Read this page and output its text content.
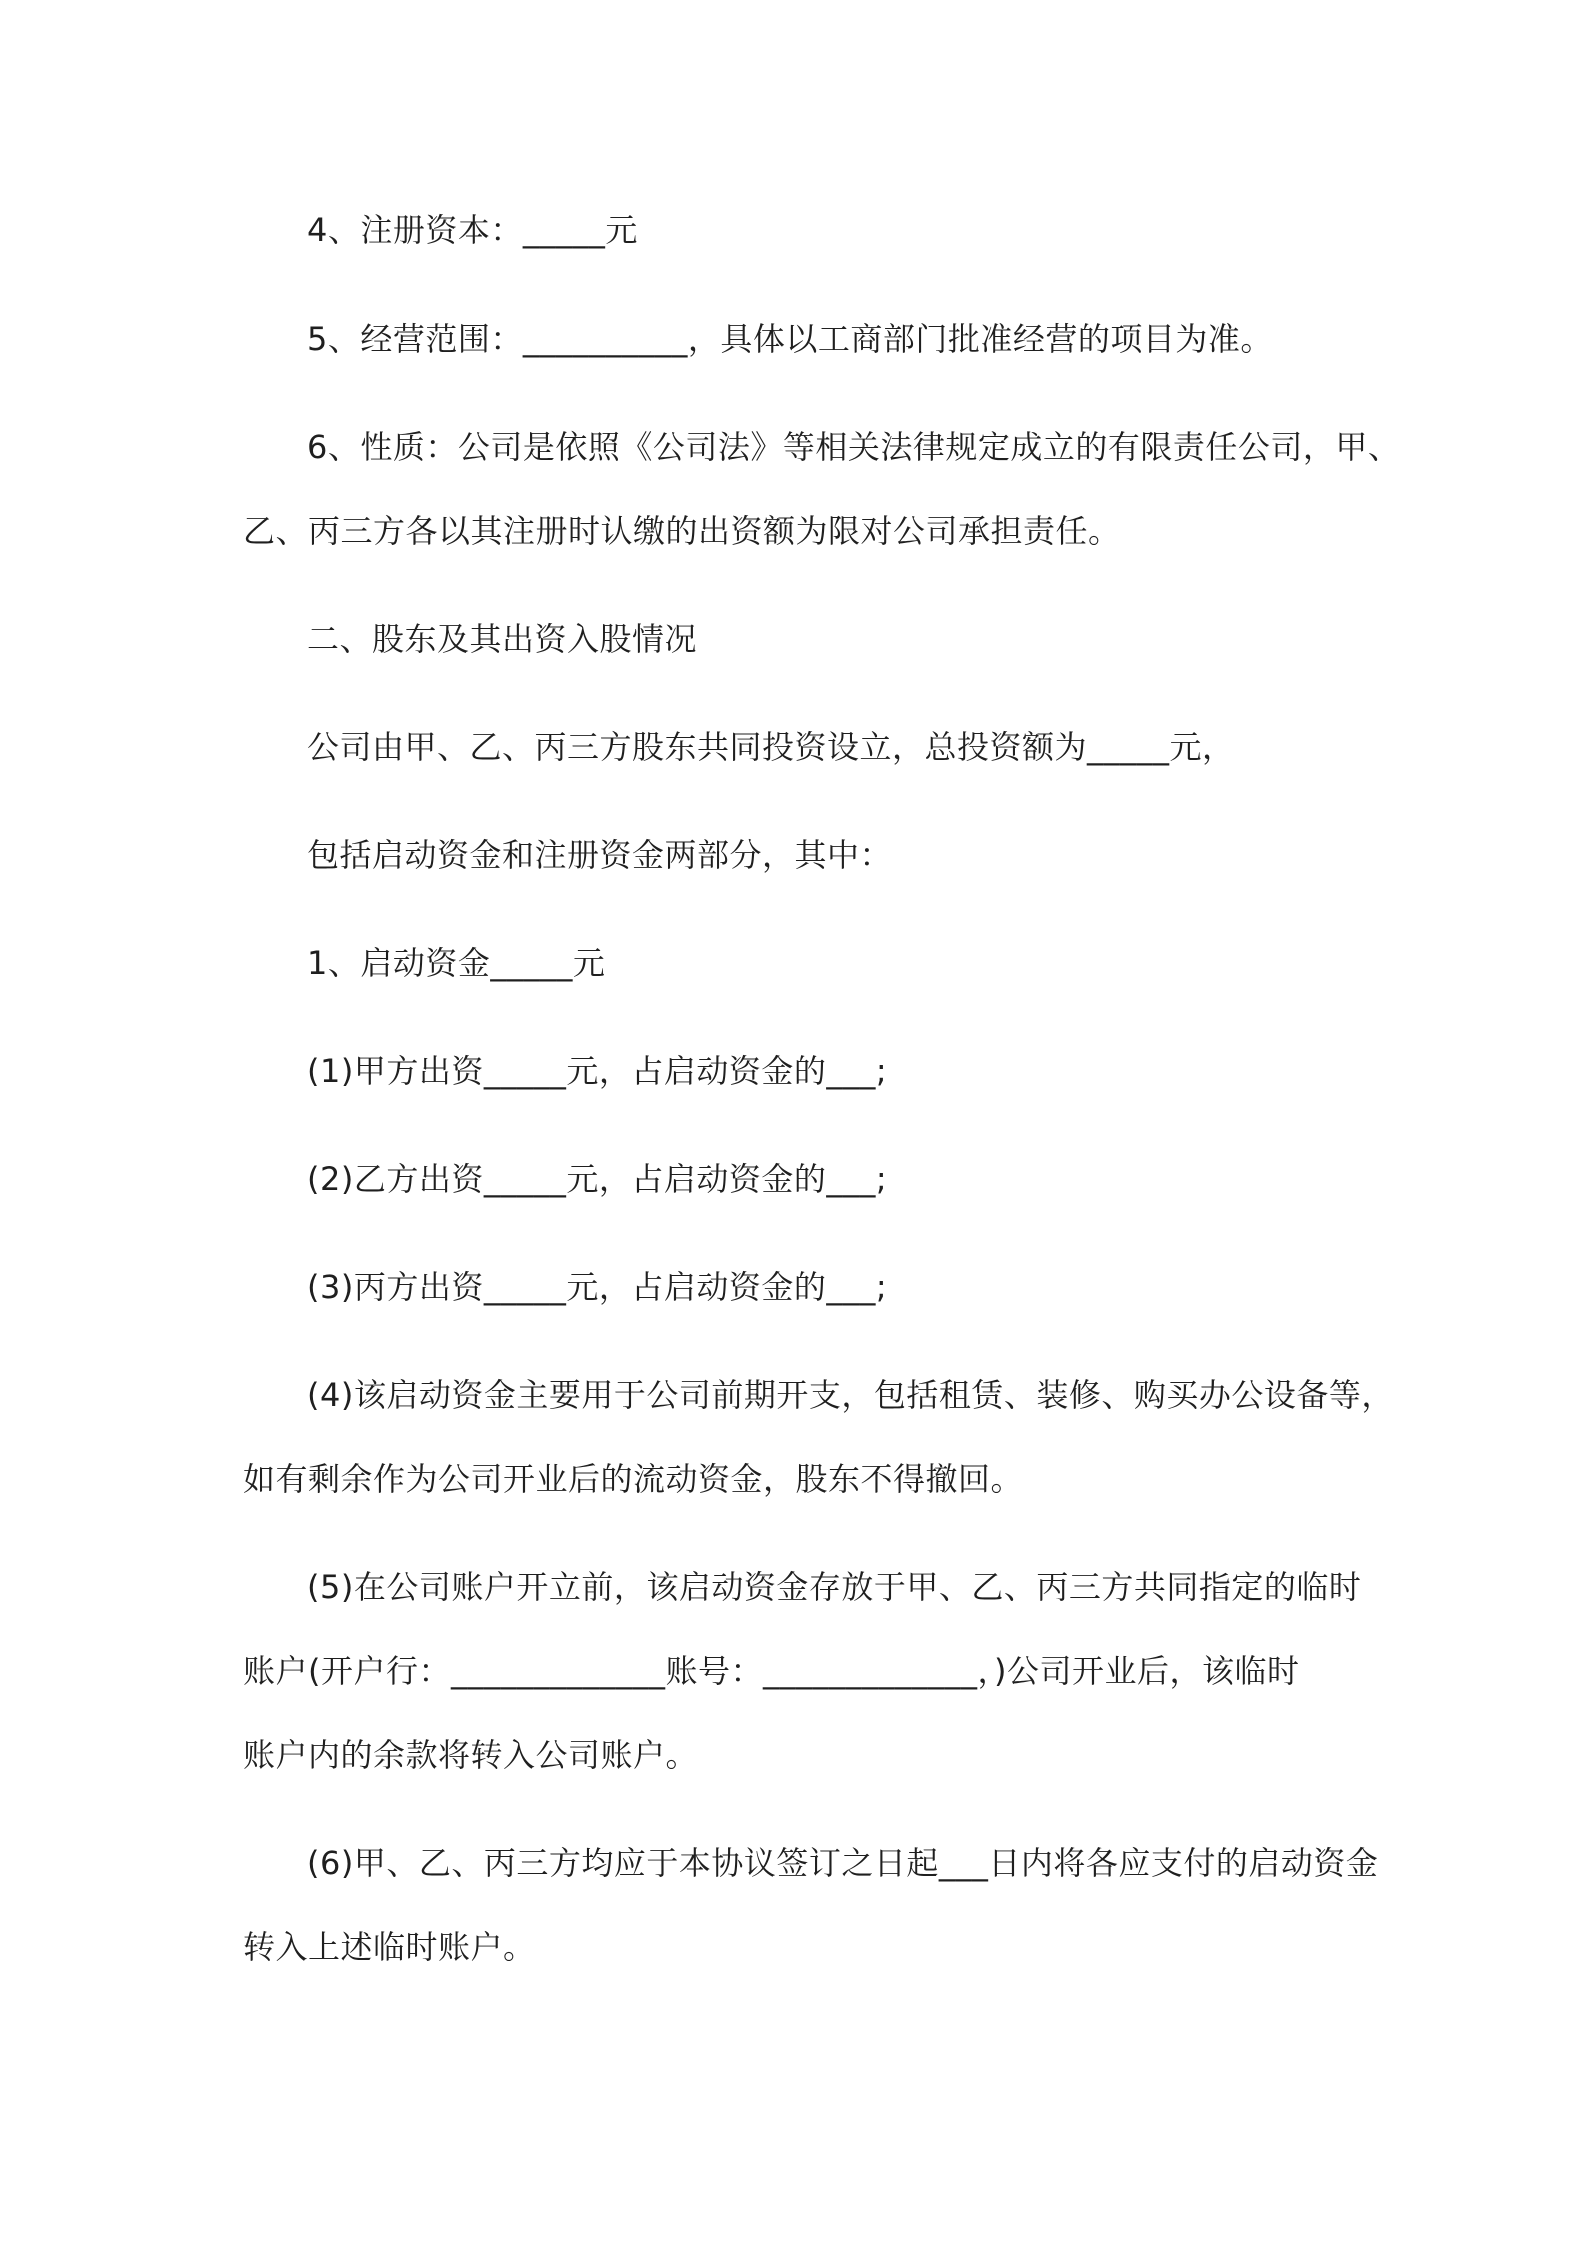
4、注册资本：_____元
5、经营范围：__________，具体以工商部门批准经营的项目为准。
6、性质：公司是依照《公司法》等相关法律规定成立的有限责任公司，甲、
乙、丙三方各以其注册时认缴的出资额为限对公司承担责任。
二、股东及其出资入股情况
公司由甲、乙、丙三方股东共同投资设立，总投资额为_____元，
包括启动资金和注册资金两部分，其中：
1、启动资金_____元
(1)甲方出资_____元，占启动资金的___;
(2)乙方出资_____元，占启动资金的___;
(3)丙方出资_____元，占启动资金的___;
(4)该启动资金主要用于公司前期开支，包括租赁、装修、购买办公设备等，
如有剩余作为公司开业后的流动资金，股东不得撤回。
(5)在公司账户开立前，该启动资金存放于甲、乙、丙三方共同指定的临时
账户(开户行：_____________账号：_____________，)公司开业后，该临时
账户内的余款将转入公司账户。
(6)甲、乙、丙三方均应于本协议签订之日起___日内将各应支付的启动资金
转入上述临时账户。
